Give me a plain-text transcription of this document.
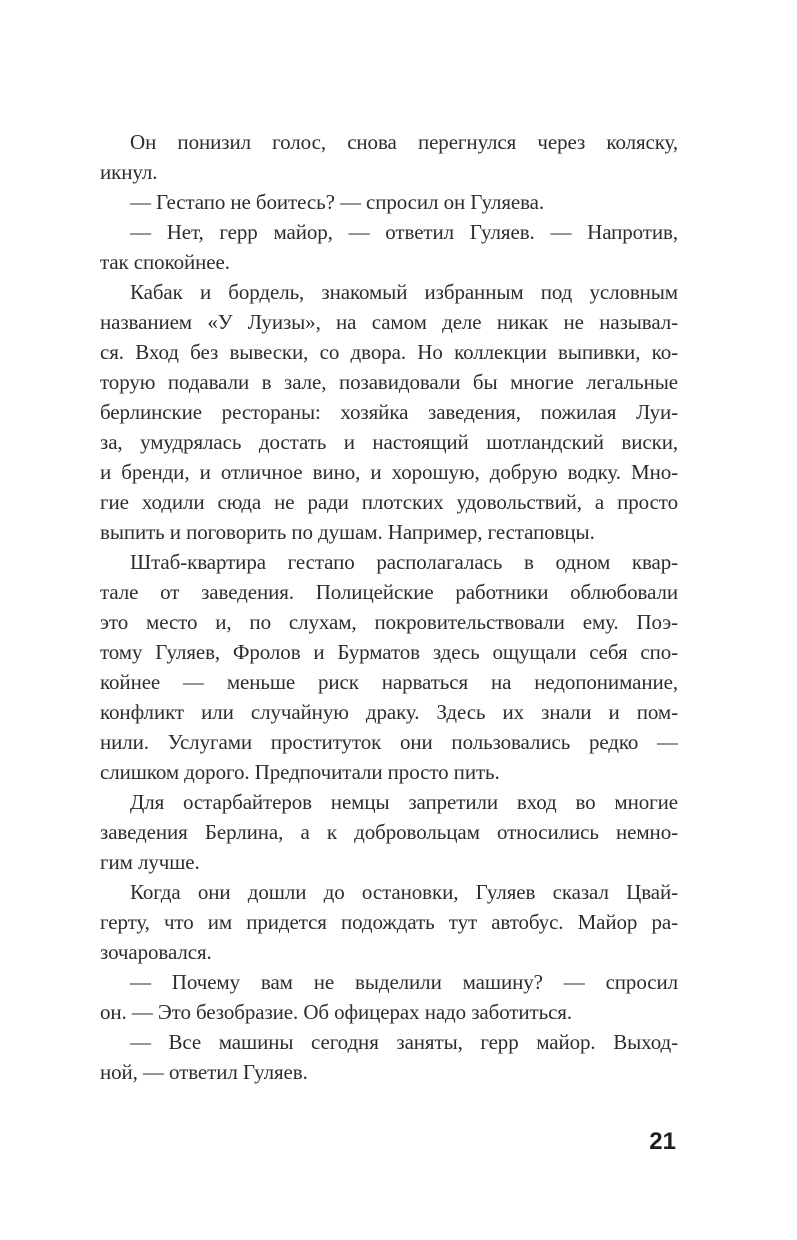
Он понизил голос, снова перегнулся через коляску,
икнул.
— Гестапо не боитесь? — спросил он Гуляева.
— Нет, герр майор, — ответил Гуляев. — Напротив,
так спокойнее.
Кабак и бордель, знакомый избранным под условным
названием «У Луизы», на самом деле никак не называл-
ся. Вход без вывески, со двора. Но коллекции выпивки, ко-
торую подавали в зале, позавидовали бы многие легальные
берлинские рестораны: хозяйка заведения, пожилая Луи-
за, умудрялась достать и настоящий шотландский виски,
и бренди, и отличное вино, и хорошую, добрую водку. Мно-
гие ходили сюда не ради плотских удовольствий, а просто
выпить и поговорить по душам. Например, гестаповцы.
Штаб-квартира гестапо располагалась в одном квар-
тале от заведения. Полицейские работники облюбовали
это место и, по слухам, покровительствовали ему. Поэ-
тому Гуляев, Фролов и Бурматов здесь ощущали себя спо-
койнее — меньше риск нарваться на недопонимание,
конфликт или случайную драку. Здесь их знали и пом-
нили. Услугами проституток они пользовались редко —
слишком дорого. Предпочитали просто пить.
Для остарбайтеров немцы запретили вход во многие
заведения Берлина, а к добровольцам относились немно-
гим лучше.
Когда они дошли до остановки, Гуляев сказал Цвай-
герту, что им придется подождать тут автобус. Майор ра-
зочаровался.
— Почему вам не выделили машину? — спросил
он. — Это безобразие. Об офицерах надо заботиться.
— Все машины сегодня заняты, герр майор. Выход-
ной, — ответил Гуляев.
21
